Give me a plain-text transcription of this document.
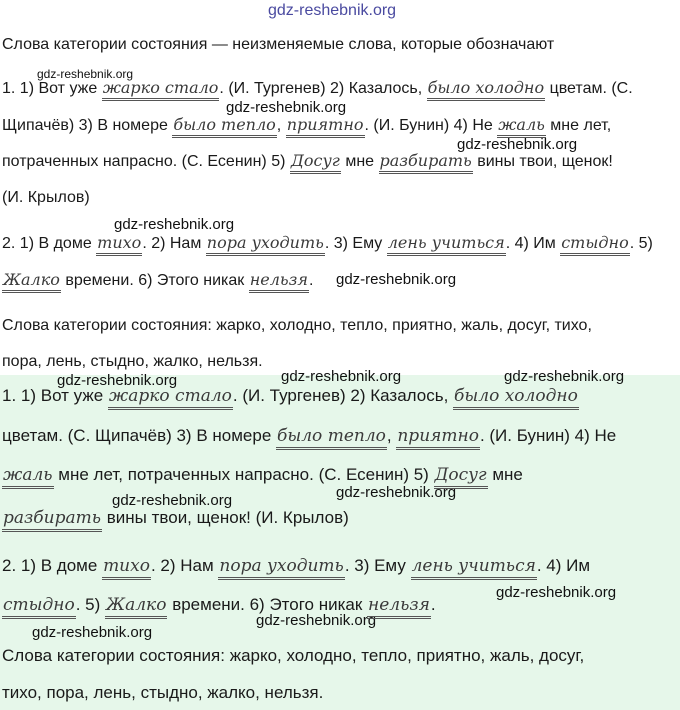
gdz-reshebnik.org
gdz-reshebnik.org
gdz-reshebnik.org
gdz-reshebnik.org
gdz-reshebnik.org
gdz-reshebnik.org
gdz-reshebnik.org	gdz-reshebnik.org	gdz-reshebnik.org
gdz-reshebnik.org
gdz-reshebnik.org
gdz-reshebnik.org
gdz-reshebnik.org
gdz-reshebnik.org
Слова категории состояния — неизменяемые слова, которые обозначают
1. 1) Вот уже жарко стало. (И. Тургенев) 2) Казалось, было холодно цветам. (С.
Щипачёв) 3) В номере было тепло, приятно. (И. Бунин) 4) Не жаль мне лет,
потраченных напрасно. (С. Есенин) 5) Досуг мне разбирать вины твои, щенок!
(И. Крылов)
2. 1) В доме тихо. 2) Нам пора уходить. 3) Ему лень учиться. 4) Им стыдно. 5)
Жалко времени. 6) Этого никак нельзя.
Слова категории состояния: жарко, холодно, тепло, приятно, жаль, досуг, тихо,
пора, лень, стыдно, жалко, нельзя.
1. 1) Вот уже жарко стало. (И. Тургенев) 2) Казалось, было холодно
цветам. (С. Щипачёв) 3) В номере было тепло, приятно. (И. Бунин) 4) Не
жаль мне лет, потраченных напрасно. (С. Есенин) 5) Досуг мне
разбирать вины твои, щенок! (И. Крылов)
2. 1) В доме тихо. 2) Нам пора уходить. 3) Ему лень учиться. 4) Им
стыдно. 5) Жалко времени. 6) Этого никак нельзя.
Слова категории состояния: жарко, холодно, тепло, приятно, жаль, досуг,
тихо, пора, лень, стыдно, жалко, нельзя.
